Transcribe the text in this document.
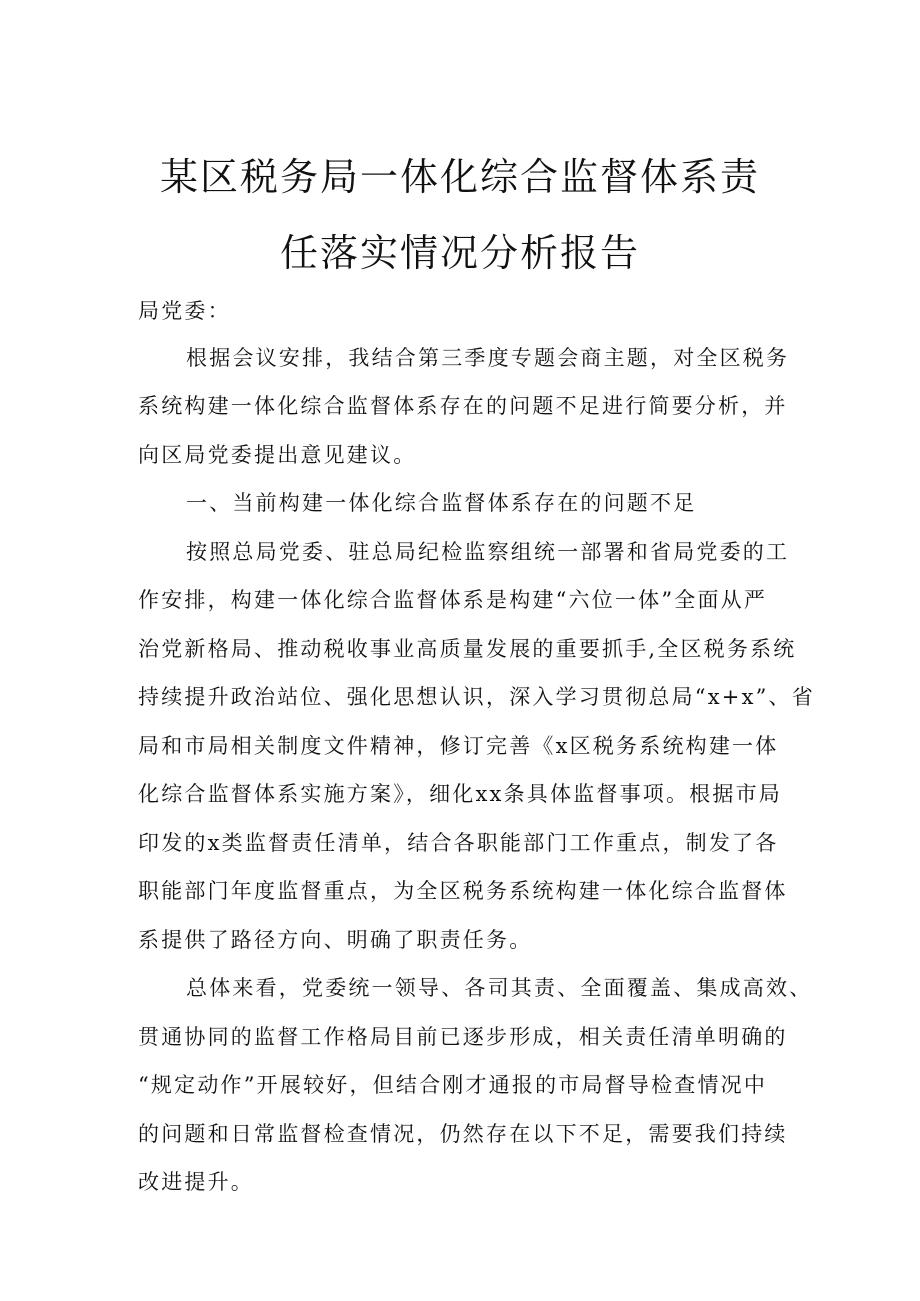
某区税务局一体化综合监督体系责
任落实情况分析报告
局党委：
根据会议安排，我结合第三季度专题会商主题，对全区税务
系统构建一体化综合监督体系存在的问题不足进行简要分析，并
向区局党委提出意见建议。
一、当前构建一体化综合监督体系存在的问题不足
按照总局党委、驻总局纪检监察组统一部署和省局党委的工
作安排，构建一体化综合监督体系是构建“六位一体”全面从严
治党新格局、推动税收事业高质量发展的重要抓手,全区税务系统
持续提升政治站位、强化思想认识，深入学习贯彻总局“x+x”、省
局和市局相关制度文件精神，修订完善《x区税务系统构建一体
化综合监督体系实施方案》，细化xx条具体监督事项。根据市局
印发的x类监督责任清单，结合各职能部门工作重点，制发了各
职能部门年度监督重点，为全区税务系统构建一体化综合监督体
系提供了路径方向、明确了职责任务。
总体来看，党委统一领导、各司其责、全面覆盖、集成高效、
贯通协同的监督工作格局目前已逐步形成，相关责任清单明确的
“规定动作”开展较好，但结合刚才通报的市局督导检查情况中
的问题和日常监督检查情况，仍然存在以下不足，需要我们持续
改进提升。
